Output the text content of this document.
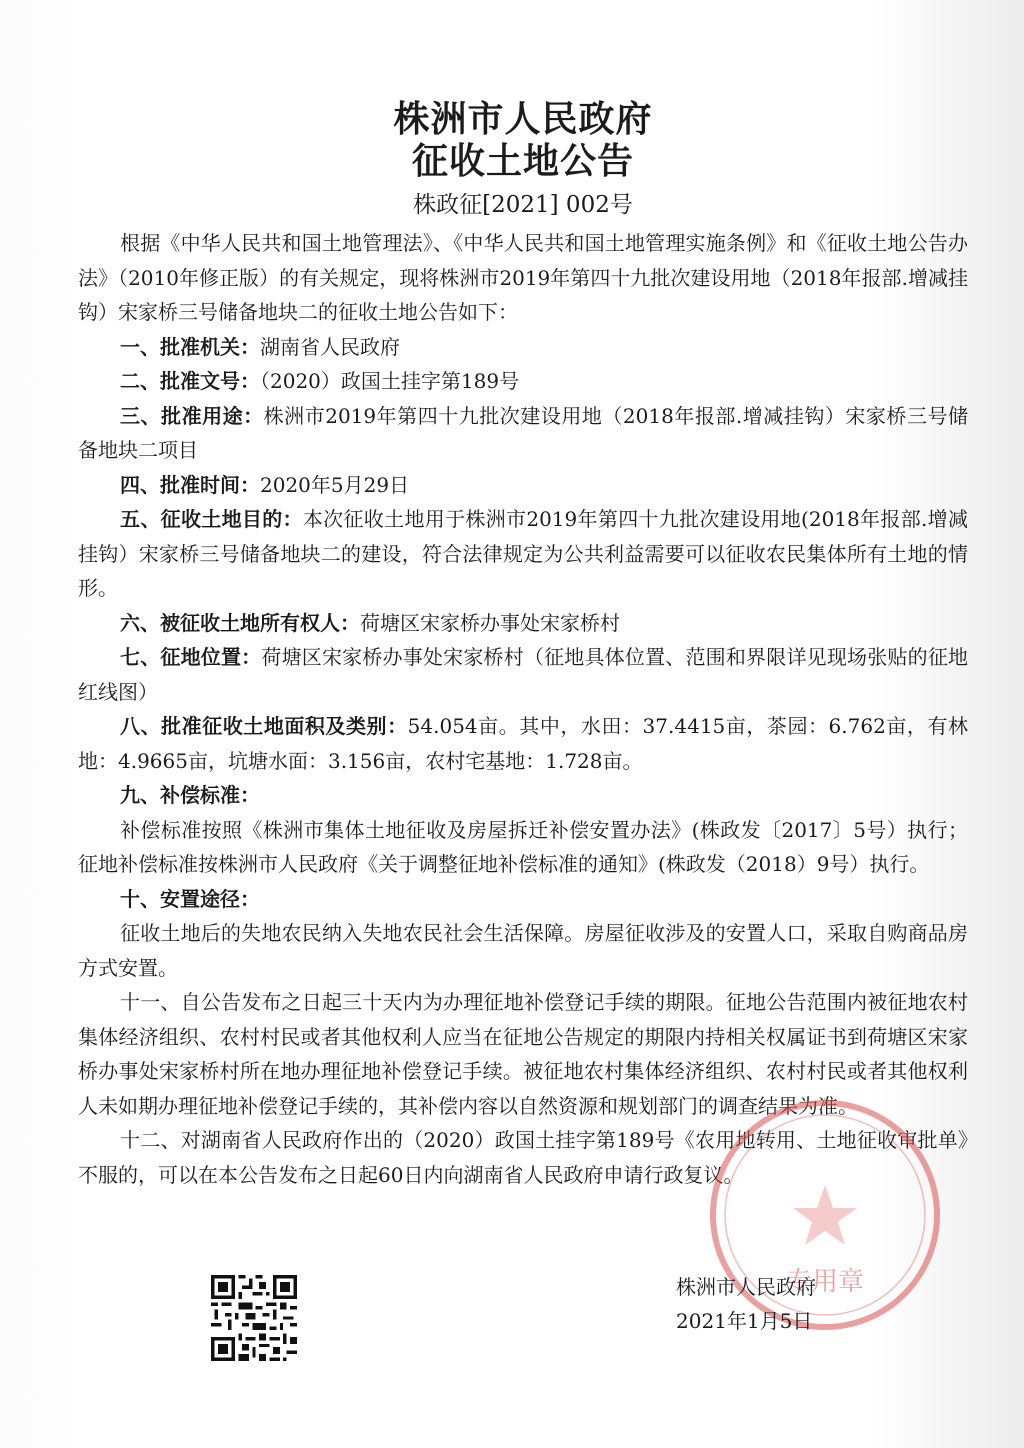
株洲市人民政府
征收土地公告
株政征[2021] 002号

根据《中华人民共和国土地管理法》、《中华人民共和国土地管理实施条例》和《征收土地公告办法》（2010年修正版）的有关规定，现将株洲市2019年第四十九批次建设用地（2018年报部.增减挂钩）宋家桥三号储备地块二的征收土地公告如下：

一、批准机关：湖南省人民政府

二、批准文号：（2020）政国土挂字第189号

三、批准用途：株洲市2019年第四十九批次建设用地（2018年报部.增减挂钩）宋家桥三号储备地块二项目

四、批准时间：2020年5月29日

五、征收土地目的：本次征收土地用于株洲市2019年第四十九批次建设用地(2018年报部.增减挂钩）宋家桥三号储备地块二的建设，符合法律规定为公共利益需要可以征收农民集体所有土地的情形。

六、被征收土地所有权人：荷塘区宋家桥办事处宋家桥村

七、征地位置：荷塘区宋家桥办事处宋家桥村（征地具体位置、范围和界限详见现场张贴的征地红线图）

八、批准征收土地面积及类别：54.054亩。其中，水田：37.4415亩，茶园：6.762亩，有林地：4.9665亩，坑塘水面：3.156亩，农村宅基地：1.728亩。

九、补偿标准：

补偿标准按照《株洲市集体土地征收及房屋拆迁补偿安置办法》(株政发〔2017〕5号）执行；征地补偿标准按株洲市人民政府《关于调整征地补偿标准的通知》(株政发（2018）9号）执行。

十、安置途径：

征收土地后的失地农民纳入失地农民社会生活保障。房屋征收涉及的安置人口，采取自购商品房方式安置。

十一、自公告发布之日起三十天内为办理征地补偿登记手续的期限。征地公告范围内被征地农村集体经济组织、农村村民或者其他权利人应当在征地公告规定的期限内持相关权属证书到荷塘区宋家桥办事处宋家桥村所在地办理征地补偿登记手续。被征地农村集体经济组织、农村村民或者其他权利人未如期办理征地补偿登记手续的，其补偿内容以自然资源和规划部门的调查结果为准。

十二、对湖南省人民政府作出的（2020）政国土挂字第189号《农用地转用、土地征收审批单》不服的，可以在本公告发布之日起60日内向湖南省人民政府申请行政复议。

专用章
株洲市人民政府
2021年1月5日
